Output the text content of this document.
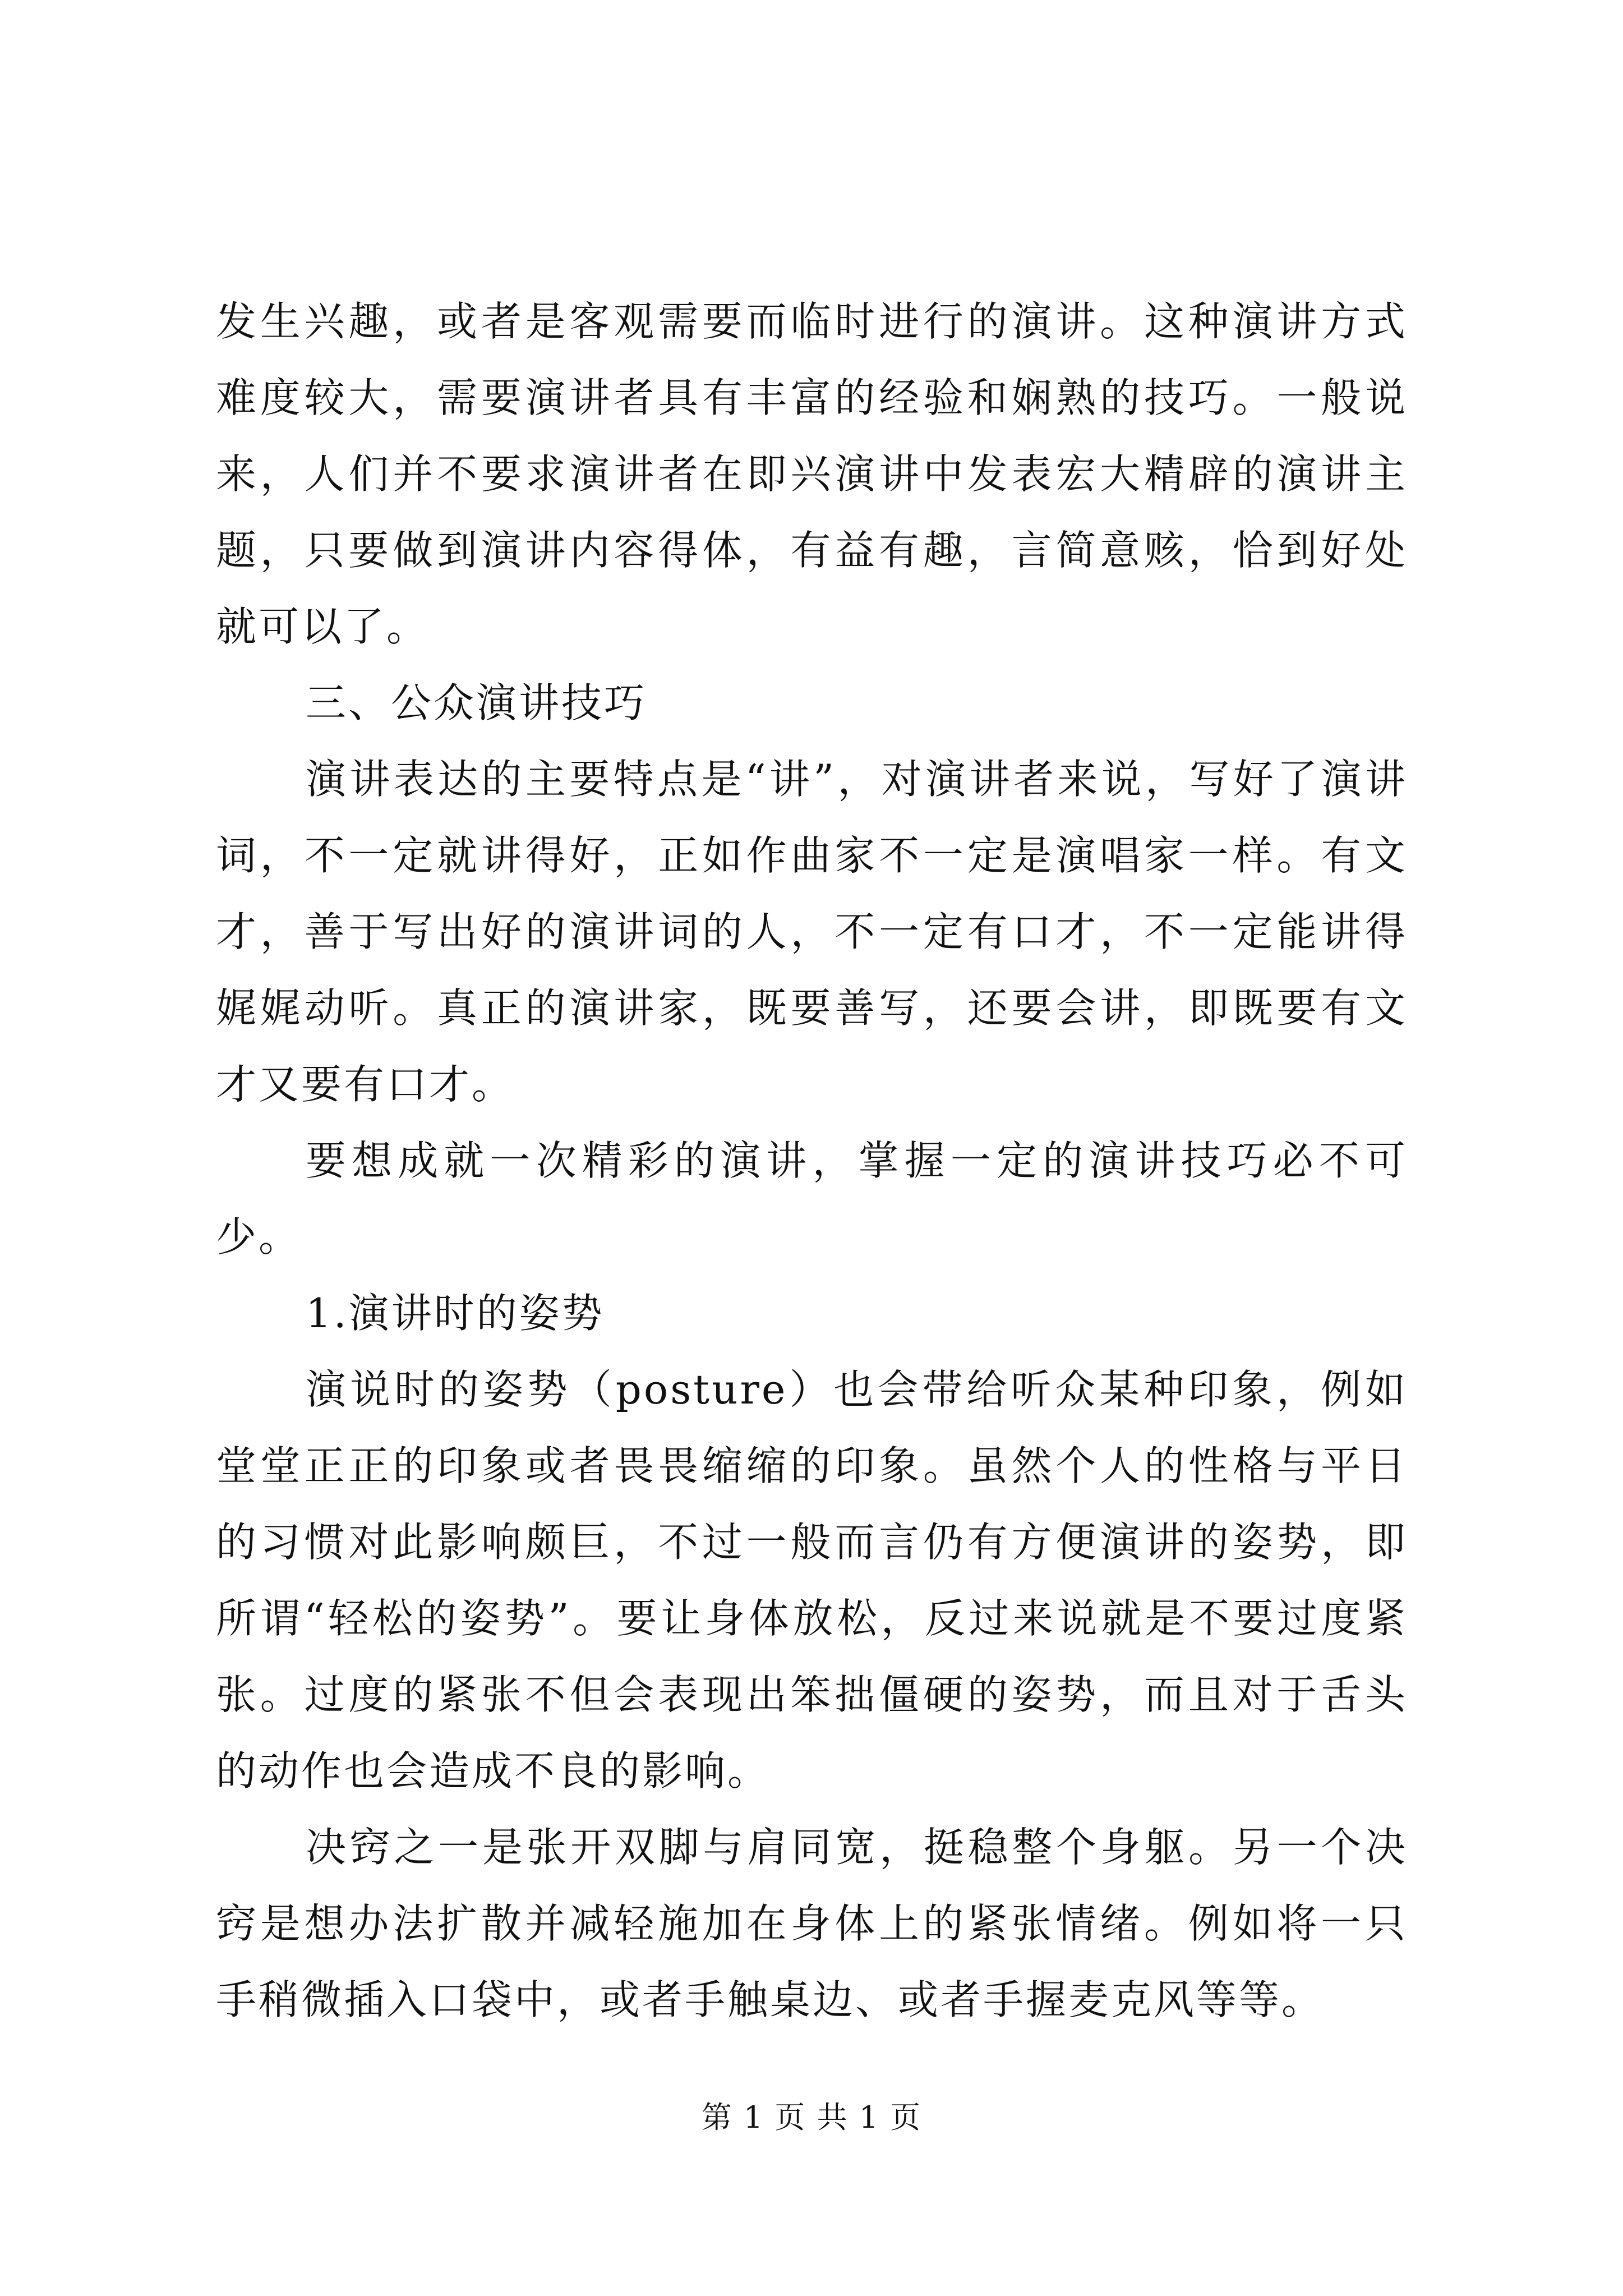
发生兴趣，或者是客观需要而临时进行的演讲。这种演讲方式难度较大，需要演讲者具有丰富的经验和娴熟的技巧。一般说来，人们并不要求演讲者在即兴演讲中发表宏大精辟的演讲主题，只要做到演讲内容得体，有益有趣，言简意赅，恰到好处就可以了。

三、公众演讲技巧

演讲表达的主要特点是“讲”，对演讲者来说，写好了演讲词，不一定就讲得好，正如作曲家不一定是演唱家一样。有文才，善于写出好的演讲词的人，不一定有口才，不一定能讲得娓娓动听。真正的演讲家，既要善写，还要会讲，即既要有文才又要有口才。

要想成就一次精彩的演讲，掌握一定的演讲技巧必不可少。

1.演讲时的姿势

演说时的姿势（posture）也会带给听众某种印象，例如堂堂正正的印象或者畏畏缩缩的印象。虽然个人的性格与平日的习惯对此影响颇巨，不过一般而言仍有方便演讲的姿势，即所谓“轻松的姿势”。要让身体放松，反过来说就是不要过度紧张。过度的紧张不但会表现出笨拙僵硬的姿势，而且对于舌头的动作也会造成不良的影响。

决窍之一是张开双脚与肩同宽，挺稳整个身躯。另一个决窍是想办法扩散并减轻施加在身体上的紧张情绪。例如将一只手稍微插入口袋中，或者手触桌边、或者手握麦克风等等。

第 1 页 共 1 页
